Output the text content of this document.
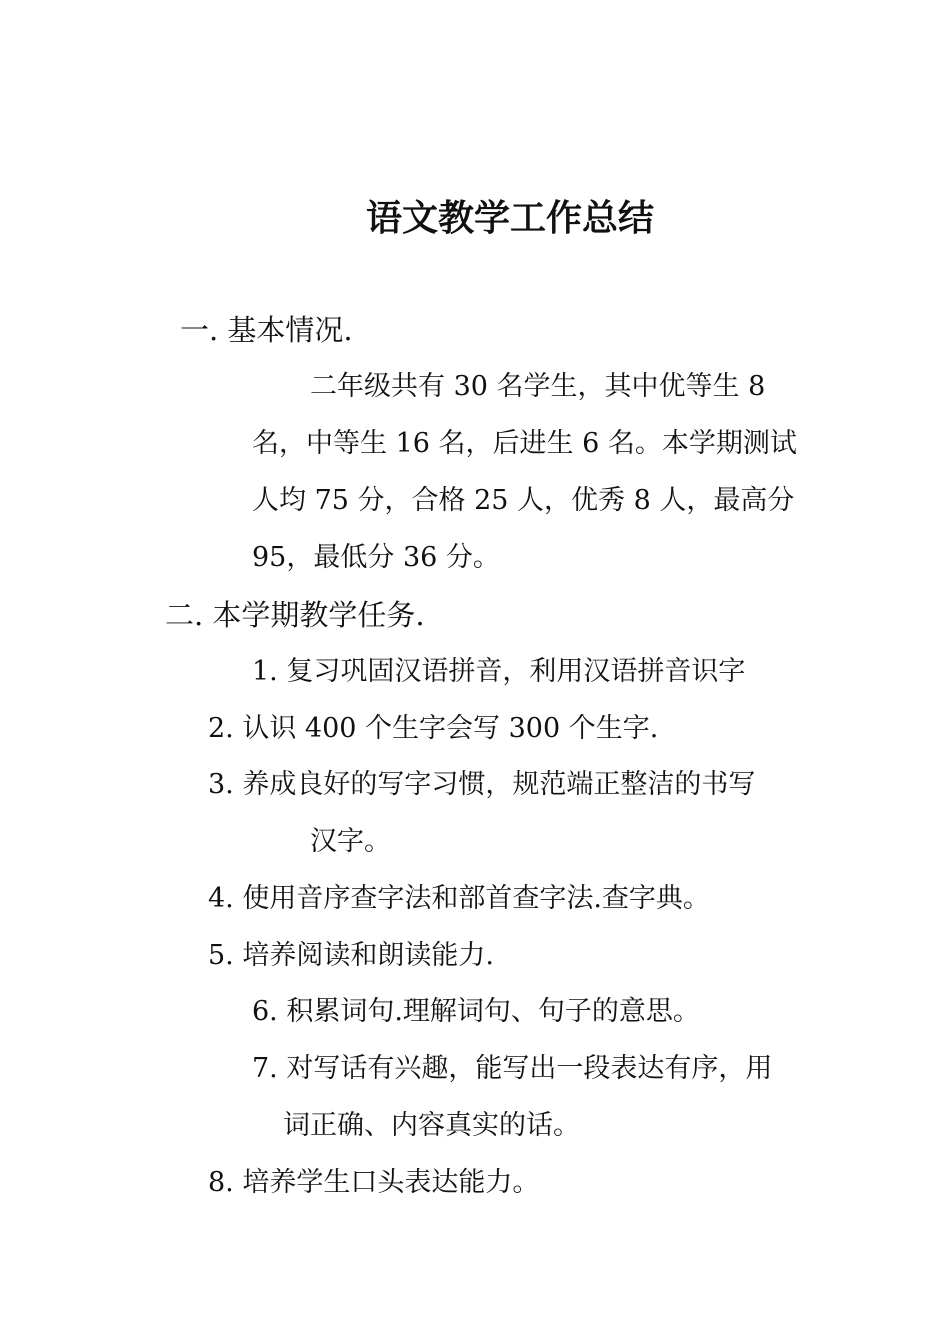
语文教学工作总结

一. 基本情况.

二年级共有 30 名学生，其中优等生 8

名，中等生 16 名，后进生 6 名。本学期测试

人均 75 分，合格 25 人，优秀 8 人，最高分

95，最低分 36 分。

二. 本学期教学任务.

1. 复习巩固汉语拼音，利用汉语拼音识字

2. 认识 400 个生字会写 300 个生字.

3. 养成良好的写字习惯，规范端正整洁的书写

汉字。

4. 使用音序查字法和部首查字法.查字典。

5. 培养阅读和朗读能力.

6. 积累词句.理解词句、句子的意思。

7. 对写话有兴趣，能写出一段表达有序，用

词正确、内容真实的话。

8. 培养学生口头表达能力。
